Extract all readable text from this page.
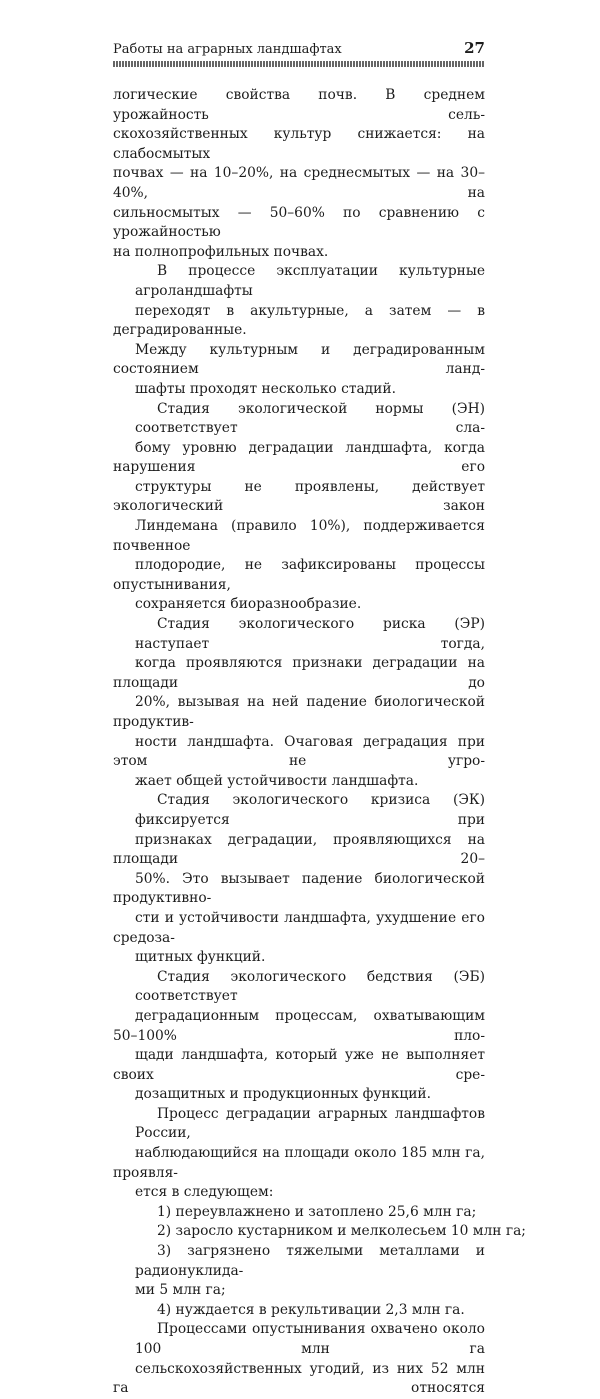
Работы на аграрных ландшафтах	27
логические свойства почв. В среднем урожайность сель-
скохозяйственных культур снижается: на слабосмытых
почвах — на 10–20%, на среднесмытых — на 30–40%, на
сильносмытых — 50–60% по сравнению с урожайностью
на полнопрофильных почвах.
В процессе эксплуатации культурные агроландшафты
переходят в акультурные, а затем — в деградированные.
Между культурным и деградированным состоянием ланд-
шафты проходят несколько стадий.
Стадия экологической нормы (ЭН) соответствует сла-
бому уровню деградации ландшафта, когда нарушения его
структуры не проявлены, действует экологический закон
Линдемана (правило 10%), поддерживается почвенное
плодородие, не зафиксированы процессы опустынивания,
сохраняется биоразнообразие.
Стадия экологического риска (ЭР) наступает тогда,
когда проявляются признаки деградации на площади до
20%, вызывая на ней падение биологической продуктив-
ности ландшафта. Очаговая деградация при этом не угро-
жает общей устойчивости ландшафта.
Стадия экологического кризиса (ЭК) фиксируется при
признаках деградации, проявляющихся на площади 20–
50%. Это вызывает падение биологической продуктивно-
сти и устойчивости ландшафта, ухудшение его средоза-
щитных функций.
Стадия экологического бедствия (ЭБ) соответствует
деградационным процессам, охватывающим 50–100% пло-
щади ландшафта, который уже не выполняет своих сре-
дозащитных и продукционных функций.
Процесс деградации аграрных ландшафтов России,
наблюдающийся на площади около 185 млн га, проявля-
ется в следующем:
1) переувлажнено и затоплено 25,6 млн га;
2) заросло кустарником и мелколесьем 10 млн га;
3) загрязнено тяжелыми металлами и радионуклида-
ми 5 млн га;
4) нуждается в рекультивации 2,3 млн га.
Процессами опустынивания охвачено около 100 млн га
сельскохозяйственных угодий, из них 52 млн га относятся
